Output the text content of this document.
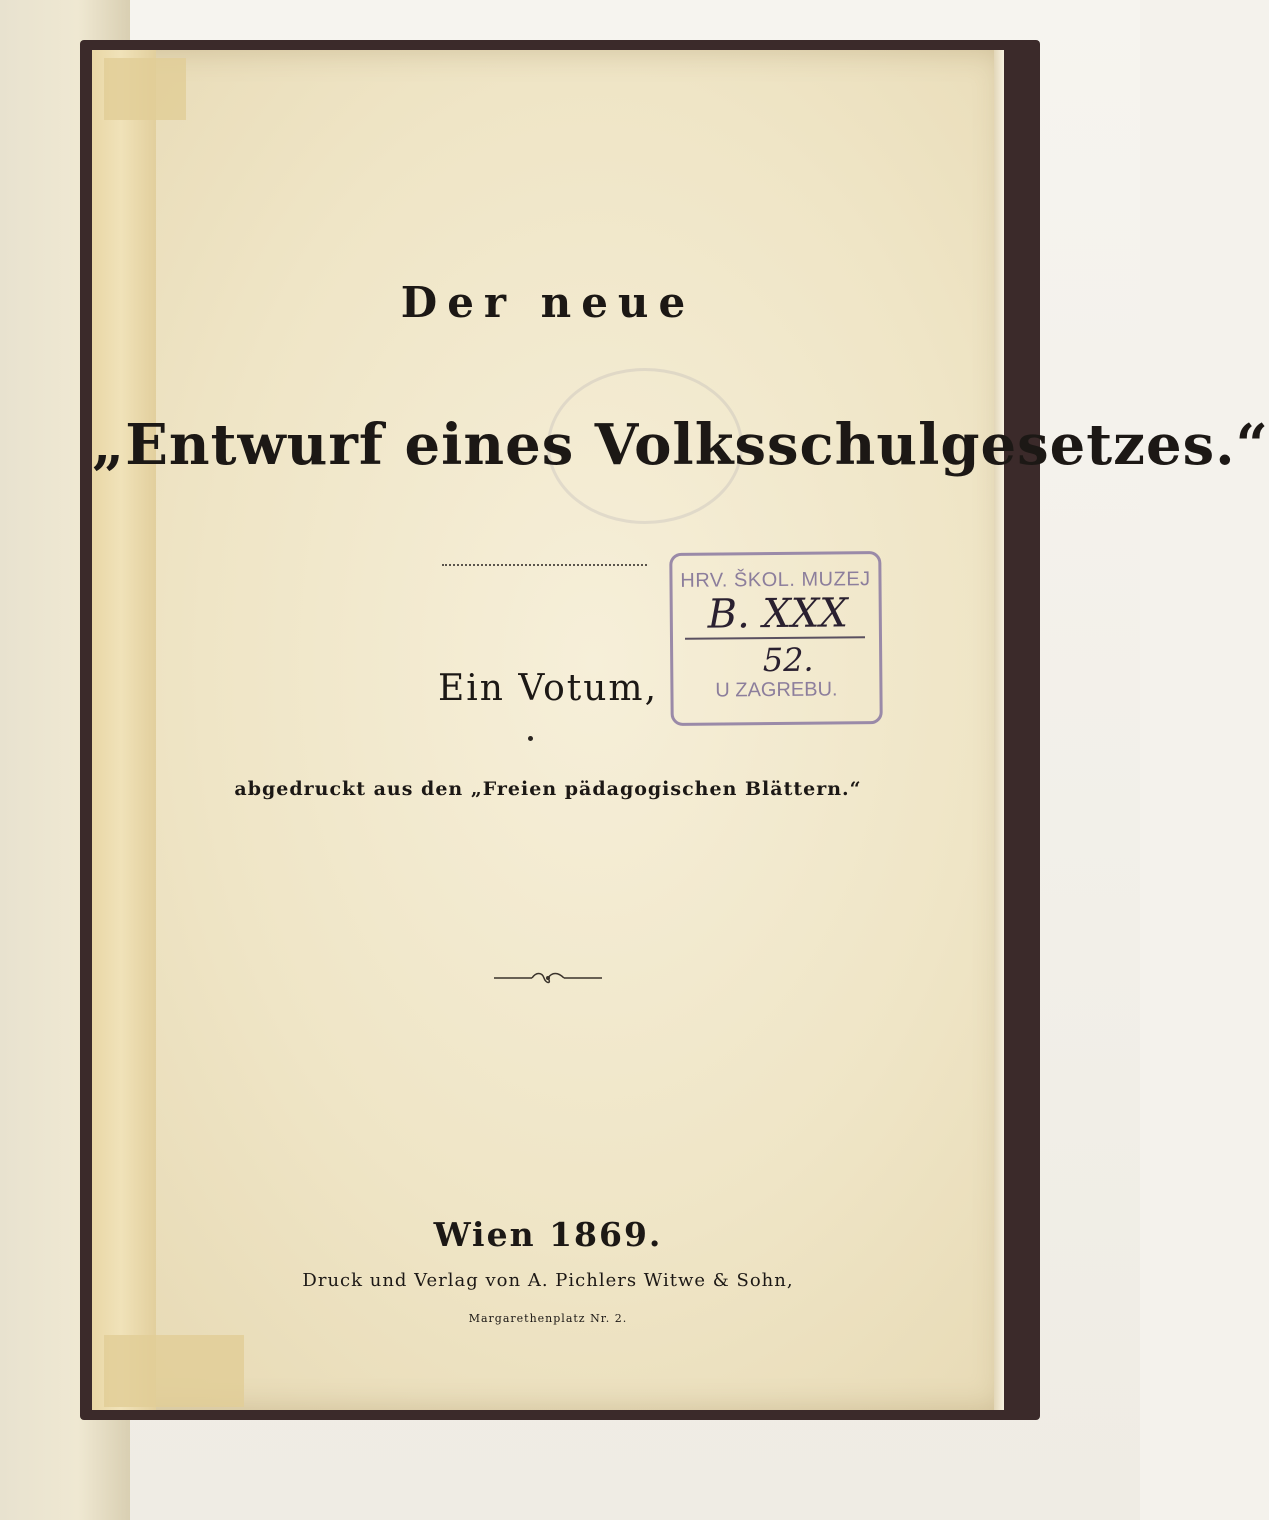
Der neue
„Entwurf eines Volksschulgesetzes.“
Ein Votum,
abgedruckt aus den „Freien pädagogischen Blättern.“
Wien 1869.
Druck und Verlag von A. Pichlers Witwe & Sohn,
Margarethenplatz Nr. 2.
HRV. ŠKOL. MUZEJ
B. XXX
52.
U ZAGREBU.
